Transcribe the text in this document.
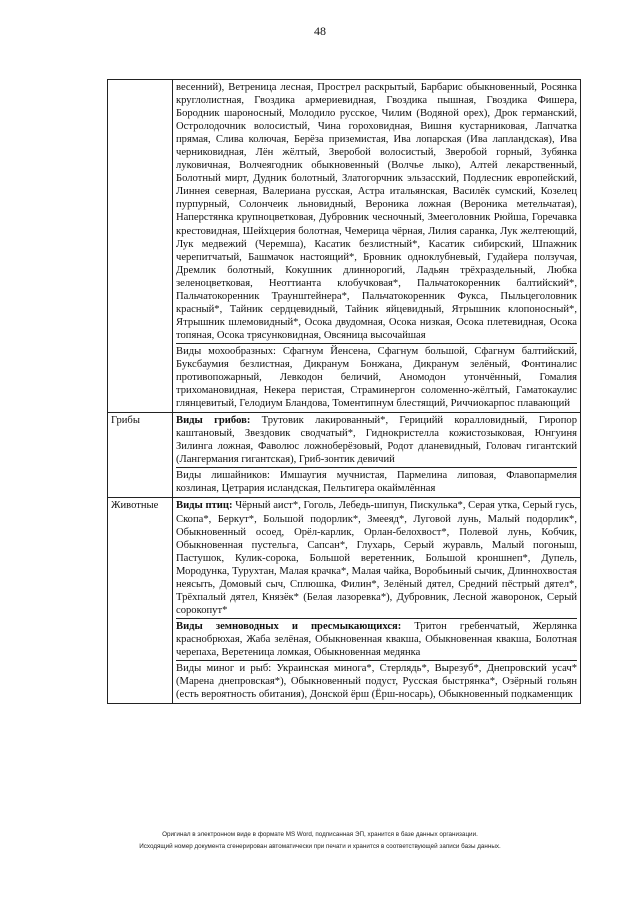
48

	весенний), Ветреница лесная, Прострел раскрытый, Барбарис обыкновенный, Росянка круглолистная, Гвоздика армериевидная, Гвоздика пышная, Гвоздика Фишера, Бородник шароносный, Молодило русское, Чилим (Водяной орех), Дрок германский, Остролодочник волосистый, Чина гороховидная, Вишня кустарниковая, Лапчатка прямая, Слива колючая, Берёза приземистая, Ива лопарская (Ива лапландская), Ива черниковидная, Лён жёлтый, Зверобой волосистый, Зверобой горный, Зубянка луковичная, Волчеягодник обыкновенный (Волчье лыко), Алтей лекарственный, Болотный мирт, Дудник болотный, Златогорчник эльзасский, Подлесник европейский, Линнея северная, Валериана русская, Астра итальянская, Василёк сумский, Козелец пурпурный, Солончеик льновидный, Вероника ложная (Вероника метельчатая), Наперстянка крупноцветковая, Дубровник чесночный, Змееголовник Рюйша, Горечавка крестовидная, Шейхцерия болотная, Чемерица чёрная, Лилия саранка, Лук желтеющий, Лук медвежий (Черемша), Касатик безлистный*, Касатик сибирский, Шпажник черепитчатый, Башмачок настоящий*, Бровник одноклубневый, Гудайера ползучая, Дремлик болотный, Кокушник длиннорогий, Ладьян трёхраздельный, Любка зеленоцветковая, Неоттианта клобучковая*, Пальчатокоренник балтийский*, Пальчатокоренник Траунштейнера*, Пальчатокоренник Фукса, Пыльцеголовник красный*, Тайник сердцевидный, Тайник яйцевидный, Ятрышник клопоносный*, Ятрышник шлемовидный*, Осока двудомная, Осока низкая, Осока плетевидная, Осока топяная, Осока трясунковидная, Овсяница высочайшая

Виды мохообразных: Сфагнум Йенсена, Сфагнум большой, Сфагнум балтийский, Буксбаумия безлистная, Дикранум Бонжана, Дикранум зелёный, Фонтиналис противопожарный, Левкодон беличий, Аномодон утончённый, Гомалия трихомановидная, Некера перистая, Страминергон соломенно-жёлтый, Гаматокаулис глянцевитый, Гелодиум Бландова, Томентипнум блестящий, Риччиокарпос плавающий

Грибы	Виды грибов: Трутовик лакированный*, Герицийй коралловидный, Гиропор каштановый, Звездовик сводчатый*, Гиднокристелла кожистозыковая, Юнгуиня Зилинга ложная, Фаволюс ложноберёзовый, Родот дланевидный, Головач гигантский (Лангермания гигантская), Гриб-зонтик девичий

Виды лишайников: Имшаугия мучнистая, Пармелина липовая, Флавопармелия козлиная, Цетрария исландская, Пельтигера окаймлённая

Животные	Виды птиц: Чёрный аист*, Гоголь, Лебедь-шипун, Пискулька*, Серая утка, Серый гусь, Скопа*, Беркут*, Большой подорлик*, Змееяд*, Луговой лунь, Малый подорлик*, Обыкновенный осоед, Орёл-карлик, Орлан-белохвост*, Полевой лунь, Кобчик, Обыкновенная пустельга, Сапсан*, Глухарь, Серый журавль, Малый погоныш, Пастушок, Кулик-сорока, Большой веретенник, Большой кроншнеп*, Дупель, Мородунка, Турухтан, Малая крачка*, Малая чайка, Воробьиный сычик, Длиннохвостая неясыть, Домовый сыч, Сплюшка, Филин*, Зелёный дятел, Средний пёстрый дятел*, Трёхпалый дятел, Князёк* (Белая лазоревка*), Дубровник, Лесной жаворонок, Серый сорокопут*

Виды земноводных и пресмыкающихся: Тритон гребенчатый, Жерлянка краснобрюхая, Жаба зелёная, Обыкновенная квакша, Обыкновенная квакша, Болотная черепаха, Веретеница ломкая, Обыкновенная медянка

Виды миног и рыб: Украинская минога*, Стерлядь*, Вырезуб*, Днепровский усач* (Марена днепровская*), Обыкновенный подуст, Русская быстрянка*, Озёрный гольян (есть вероятность обитания), Донской ёрш (Ёрш-носарь), Обыкновенный подкаменщик

Оригинал в электронном виде в формате MS Word, подписанная ЭП, хранится в базе данных организации.
Исходящий номер документа сгенерирован автоматически при печати и хранится в соответствующей записи базы данных.
